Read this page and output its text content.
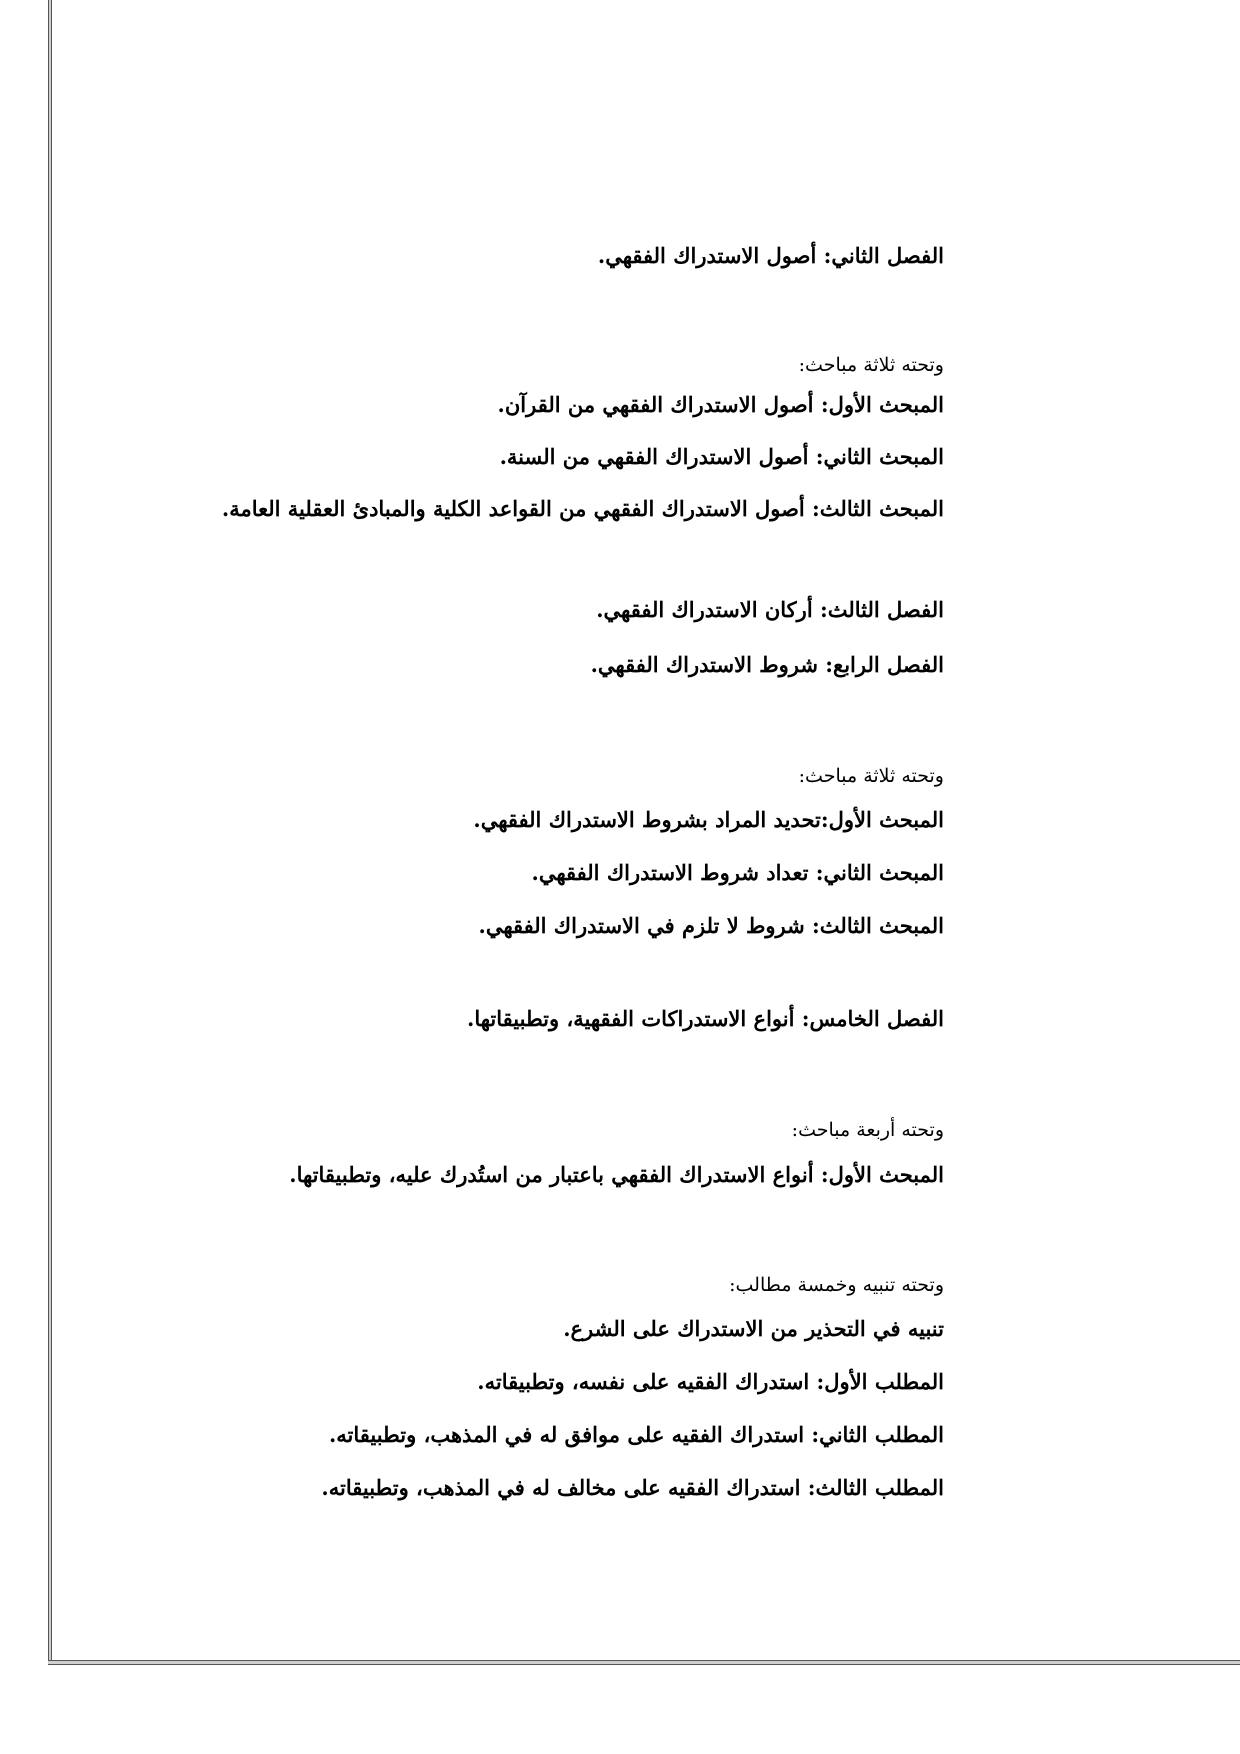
الفصل الثاني: أصول الاستدراك الفقهي.
وتحته ثلاثة مباحث:
المبحث الأول: أصول الاستدراك الفقهي من القرآن.
المبحث الثاني: أصول الاستدراك الفقهي من السنة.
المبحث الثالث: أصول الاستدراك الفقهي من القواعد الكلية والمبادئ العقلية العامة.
الفصل الثالث: أركان الاستدراك الفقهي.
الفصل الرابع: شروط الاستدراك الفقهي.
وتحته ثلاثة مباحث:
المبحث الأول:تحديد المراد بشروط الاستدراك الفقهي.
المبحث الثاني: تعداد شروط الاستدراك الفقهي.
المبحث الثالث: شروط لا تلزم في الاستدراك الفقهي.
الفصل الخامس: أنواع الاستدراكات الفقهية، وتطبيقاتها.
وتحته أربعة مباحث:
المبحث الأول: أنواع الاستدراك الفقهي باعتبار من استُدرك عليه، وتطبيقاتها.
وتحته تنبيه وخمسة مطالب:
تنبيه في التحذير من الاستدراك على الشرع.
المطلب الأول: استدراك الفقيه على نفسه، وتطبيقاته.
المطلب الثاني: استدراك الفقيه على موافق له في المذهب، وتطبيقاته.
المطلب الثالث: استدراك الفقيه على مخالف له في المذهب، وتطبيقاته.
